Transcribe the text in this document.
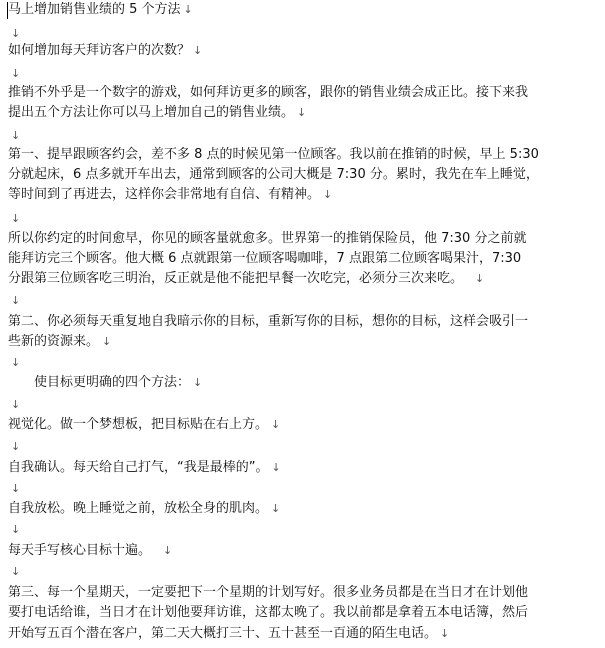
马上增加销售业绩的 5 个方法 ↓
↓
如何增加每天拜访客户的次数？ ↓
↓
推销不外乎是一个数字的游戏，如何拜访更多的顾客，跟你的销售业绩会成正比。接下来我
提出五个方法让你可以马上增加自己的销售业绩。 ↓
↓
第一、提早跟顾客约会，差不多 8 点的时候见第一位顾客。我以前在推销的时候，早上 5:30
分就起床，6 点多就开车出去，通常到顾客的公司大概是 7:30 分。累时，我先在车上睡觉，
等时间到了再进去，这样你会非常地有自信、有精神。 ↓
↓
所以你约定的时间愈早，你见的顾客量就愈多。世界第一的推销保险员，他 7:30 分之前就
能拜访完三个顾客。他大概 6 点就跟第一位顾客喝咖啡，7 点跟第二位顾客喝果汁，7:30
分跟第三位顾客吃三明治，反正就是他不能把早餐一次吃完，必须分三次来吃。 ↓
↓
第二、你必须每天重复地自我暗示你的目标，重新写你的目标，想你的目标，这样会吸引一
些新的资源来。 ↓
↓
使目标更明确的四个方法： ↓
↓
视觉化。做一个梦想板，把目标贴在右上方。 ↓
↓
自我确认。每天给自己打气，“我是最棒的”。 ↓
↓
自我放松。晚上睡觉之前，放松全身的肌肉。 ↓
↓
每天手写核心目标十遍。 ↓
↓
第三、每一个星期天，一定要把下一个星期的计划写好。很多业务员都是在当日才在计划他
要打电话给谁，当日才在计划他要拜访谁，这都太晚了。我以前都是拿着五本电话簿，然后
开始写五百个潜在客户，第二天大概打三十、五十甚至一百通的陌生电话。 ↓
